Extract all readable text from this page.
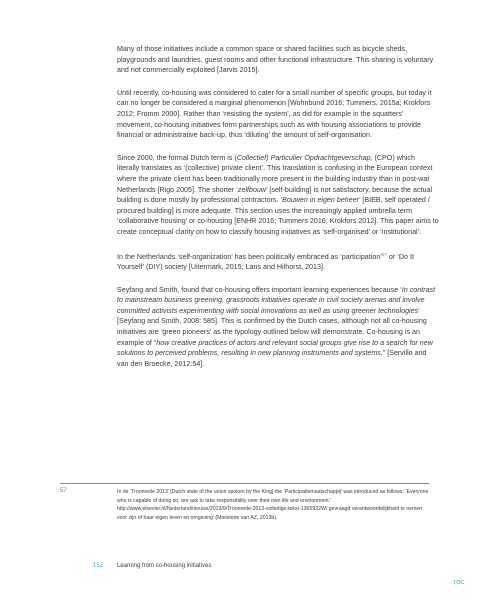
Many of those initiatives include a common space or shared facilities such as bicycle sheds, playgrounds and laundries, guest rooms and other functional infrastructure. This sharing is voluntary and not commercially exploited [Jarvis 2015].

Until recently, co-housing was considered to cater for a small number of specific groups, but today it can no longer be considered a marginal phenomenon [Wohnbund 2016; Tummers, 2015a; Krokfors 2012; Fromm 2000]. Rather than ‘resisting the system’, as did for example in the squatters’ movement, co-housing initiatives form partnerships such as with housing associations to provide financial or administrative back-up, thus ‘diluting’ the amount of self-organisation.

Since 2000, the formal Dutch term is (Collectief) Particulier Opdrachtgeverschap, (CPO) which literally translates as ‘(collective) private client’. This translation is confusing in the European context where the private client has been traditionally more present in the building industry than in post-war Netherlands [Rigo 2005]. The shorter ‘zelfbouw’ [self-building] is not satisfactory, because the actual building is done mostly by professional contractors. ‘Bouwen in eigen beheer’ [BIEB, self operated / procured building] is more adequate. This section uses the increasingly applied umbrella term ‘collaborative housing’ or co-housing [ENHR 2016; Tummers 2016; Krokfors 2012]. This paper aims to create conceptual clarity on how to classify housing initiatives as ‘self-organised’ or ‘institutional’.

In the Netherlands ‘self-organization’ has been politically embraced as ‘participation’$^{57}$ or ‘Do It Yourself’ (DIY) society [Uitermark, 2015; Lans and Hilhorst, 2013].

Seyfang and Smith, found that co-housing offers important learning experiences because ‘In contrast to mainstream business greening, grassroots initiatives operate in civil society arenas and involve committed activists experimenting with social innovations as well as using greener technologies’ [Seyfang and Smith, 2008: 585]. This is confirmed by the Dutch cases, although not all co-housing initiatives are ‘green pioneers’ as the typology outlined below will demonstrate. Co-housing is an example of “how creative practices of actors and relevant social groups give rise to a search for new solutions to perceived problems, resulting in new planning instruments and systems.” [Servillo and van den Broecke, 2012:54].

57	In de ‘Troonrede 2013’ [Dutch state of the union spoken by the King] the ‘Participatiemaatschappij’ was introduced as follows: ‘Everyone who is capable of doing so, are ask to take responsibility over their own life and environment.’ http://www.elsevier.nl/Nederland/nieuws/2013/9/Troonrede-2013-volledige-tekst-1365922W/ gevraagd verantwoordelijkheid te nemen voor zijn of haar eigen leven en omgeving’ (Ministerie van AZ, 2013b).
152 Learning from co-housing initiatives
TOC
